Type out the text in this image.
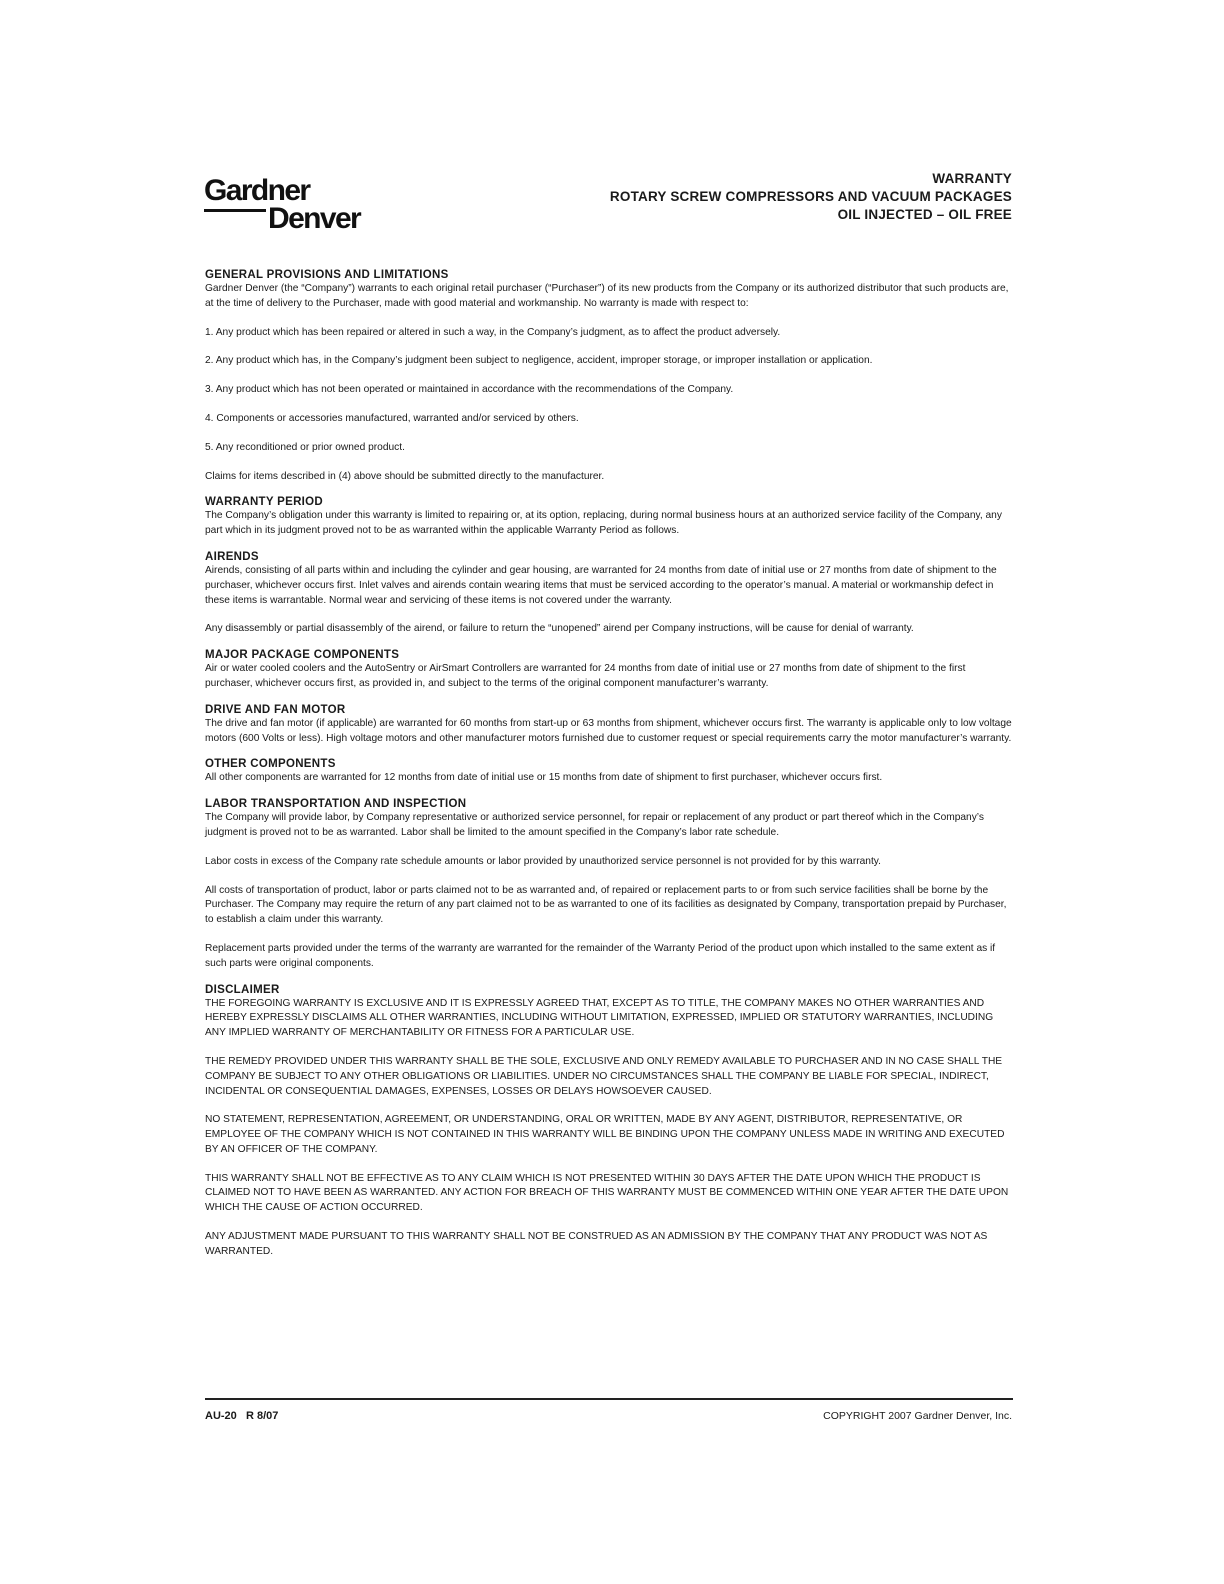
Gardner
Denver
WARRANTY
ROTARY SCREW COMPRESSORS AND VACUUM PACKAGES
OIL INJECTED – OIL FREE
GENERAL PROVISIONS AND LIMITATIONS

Gardner Denver (the “Company”) warrants to each original retail purchaser (“Purchaser”) of its new products from the Company or its authorized distributor that such products are, at the time of delivery to the Purchaser, made with good material and workmanship. No warranty is made with respect to:

1. Any product which has been repaired or altered in such a way, in the Company’s judgment, as to affect the product adversely.

2. Any product which has, in the Company’s judgment been subject to negligence, accident, improper storage, or improper installation or application.

3. Any product which has not been operated or maintained in accordance with the recommendations of the Company.

4. Components or accessories manufactured, warranted and/or serviced by others.

5. Any reconditioned or prior owned product.

Claims for items described in (4) above should be submitted directly to the manufacturer.

WARRANTY PERIOD

The Company’s obligation under this warranty is limited to repairing or, at its option, replacing, during normal business hours at an authorized service facility of the Company, any part which in its judgment proved not to be as warranted within the applicable Warranty Period as follows.

AIRENDS

Airends, consisting of all parts within and including the cylinder and gear housing, are warranted for 24 months from date of initial use or 27 months from date of shipment to the purchaser, whichever occurs first. Inlet valves and airends contain wearing items that must be serviced according to the operator’s manual. A material or workmanship defect in these items is warrantable. Normal wear and servicing of these items is not covered under the warranty.

Any disassembly or partial disassembly of the airend, or failure to return the “unopened” airend per Company instructions, will be cause for denial of warranty.

MAJOR PACKAGE COMPONENTS

Air or water cooled coolers and the AutoSentry or AirSmart Controllers are warranted for 24 months from date of initial use or 27 months from date of shipment to the first purchaser, whichever occurs first, as provided in, and subject to the terms of the original component manufacturer’s warranty.

DRIVE AND FAN MOTOR

The drive and fan motor (if applicable) are warranted for 60 months from start-up or 63 months from shipment, whichever occurs first. The warranty is applicable only to low voltage motors (600 Volts or less). High voltage motors and other manufacturer motors furnished due to customer request or special requirements carry the motor manufacturer’s warranty.

OTHER COMPONENTS

All other components are warranted for 12 months from date of initial use or 15 months from date of shipment to first purchaser, whichever occurs first.

LABOR TRANSPORTATION AND INSPECTION

The Company will provide labor, by Company representative or authorized service personnel, for repair or replacement of any product or part thereof which in the Company’s judgment is proved not to be as warranted. Labor shall be limited to the amount specified in the Company’s labor rate schedule.

Labor costs in excess of the Company rate schedule amounts or labor provided by unauthorized service personnel is not provided for by this warranty.

All costs of transportation of product, labor or parts claimed not to be as warranted and, of repaired or replacement parts to or from such service facilities shall be borne by the Purchaser. The Company may require the return of any part claimed not to be as warranted to one of its facilities as designated by Company, transportation prepaid by Purchaser, to establish a claim under this warranty.

Replacement parts provided under the terms of the warranty are warranted for the remainder of the Warranty Period of the product upon which installed to the same extent as if such parts were original components.

DISCLAIMER

THE FOREGOING WARRANTY IS EXCLUSIVE AND IT IS EXPRESSLY AGREED THAT, EXCEPT AS TO TITLE, THE COMPANY MAKES NO OTHER WARRANTIES AND HEREBY EXPRESSLY DISCLAIMS ALL OTHER WARRANTIES, INCLUDING WITHOUT LIMITATION, EXPRESSED, IMPLIED OR STATUTORY WARRANTIES, INCLUDING ANY IMPLIED WARRANTY OF MERCHANTABILITY OR FITNESS FOR A PARTICULAR USE.

THE REMEDY PROVIDED UNDER THIS WARRANTY SHALL BE THE SOLE, EXCLUSIVE AND ONLY REMEDY AVAILABLE TO PURCHASER AND IN NO CASE SHALL THE COMPANY BE SUBJECT TO ANY OTHER OBLIGATIONS OR LIABILITIES. UNDER NO CIRCUMSTANCES SHALL THE COMPANY BE LIABLE FOR SPECIAL, INDIRECT, INCIDENTAL OR CONSEQUENTIAL DAMAGES, EXPENSES, LOSSES OR DELAYS HOWSOEVER CAUSED.

NO STATEMENT, REPRESENTATION, AGREEMENT, OR UNDERSTANDING, ORAL OR WRITTEN, MADE BY ANY AGENT, DISTRIBUTOR, REPRESENTATIVE, OR EMPLOYEE OF THE COMPANY WHICH IS NOT CONTAINED IN THIS WARRANTY WILL BE BINDING UPON THE COMPANY UNLESS MADE IN WRITING AND EXECUTED BY AN OFFICER OF THE COMPANY.

THIS WARRANTY SHALL NOT BE EFFECTIVE AS TO ANY CLAIM WHICH IS NOT PRESENTED WITHIN 30 DAYS AFTER THE DATE UPON WHICH THE PRODUCT IS CLAIMED NOT TO HAVE BEEN AS WARRANTED. ANY ACTION FOR BREACH OF THIS WARRANTY MUST BE COMMENCED WITHIN ONE YEAR AFTER THE DATE UPON WHICH THE CAUSE OF ACTION OCCURRED.

ANY ADJUSTMENT MADE PURSUANT TO THIS WARRANTY SHALL NOT BE CONSTRUED AS AN ADMISSION BY THE COMPANY THAT ANY PRODUCT WAS NOT AS WARRANTED.

AU-20 R 8/07	COPYRIGHT 2007 Gardner Denver, Inc.
